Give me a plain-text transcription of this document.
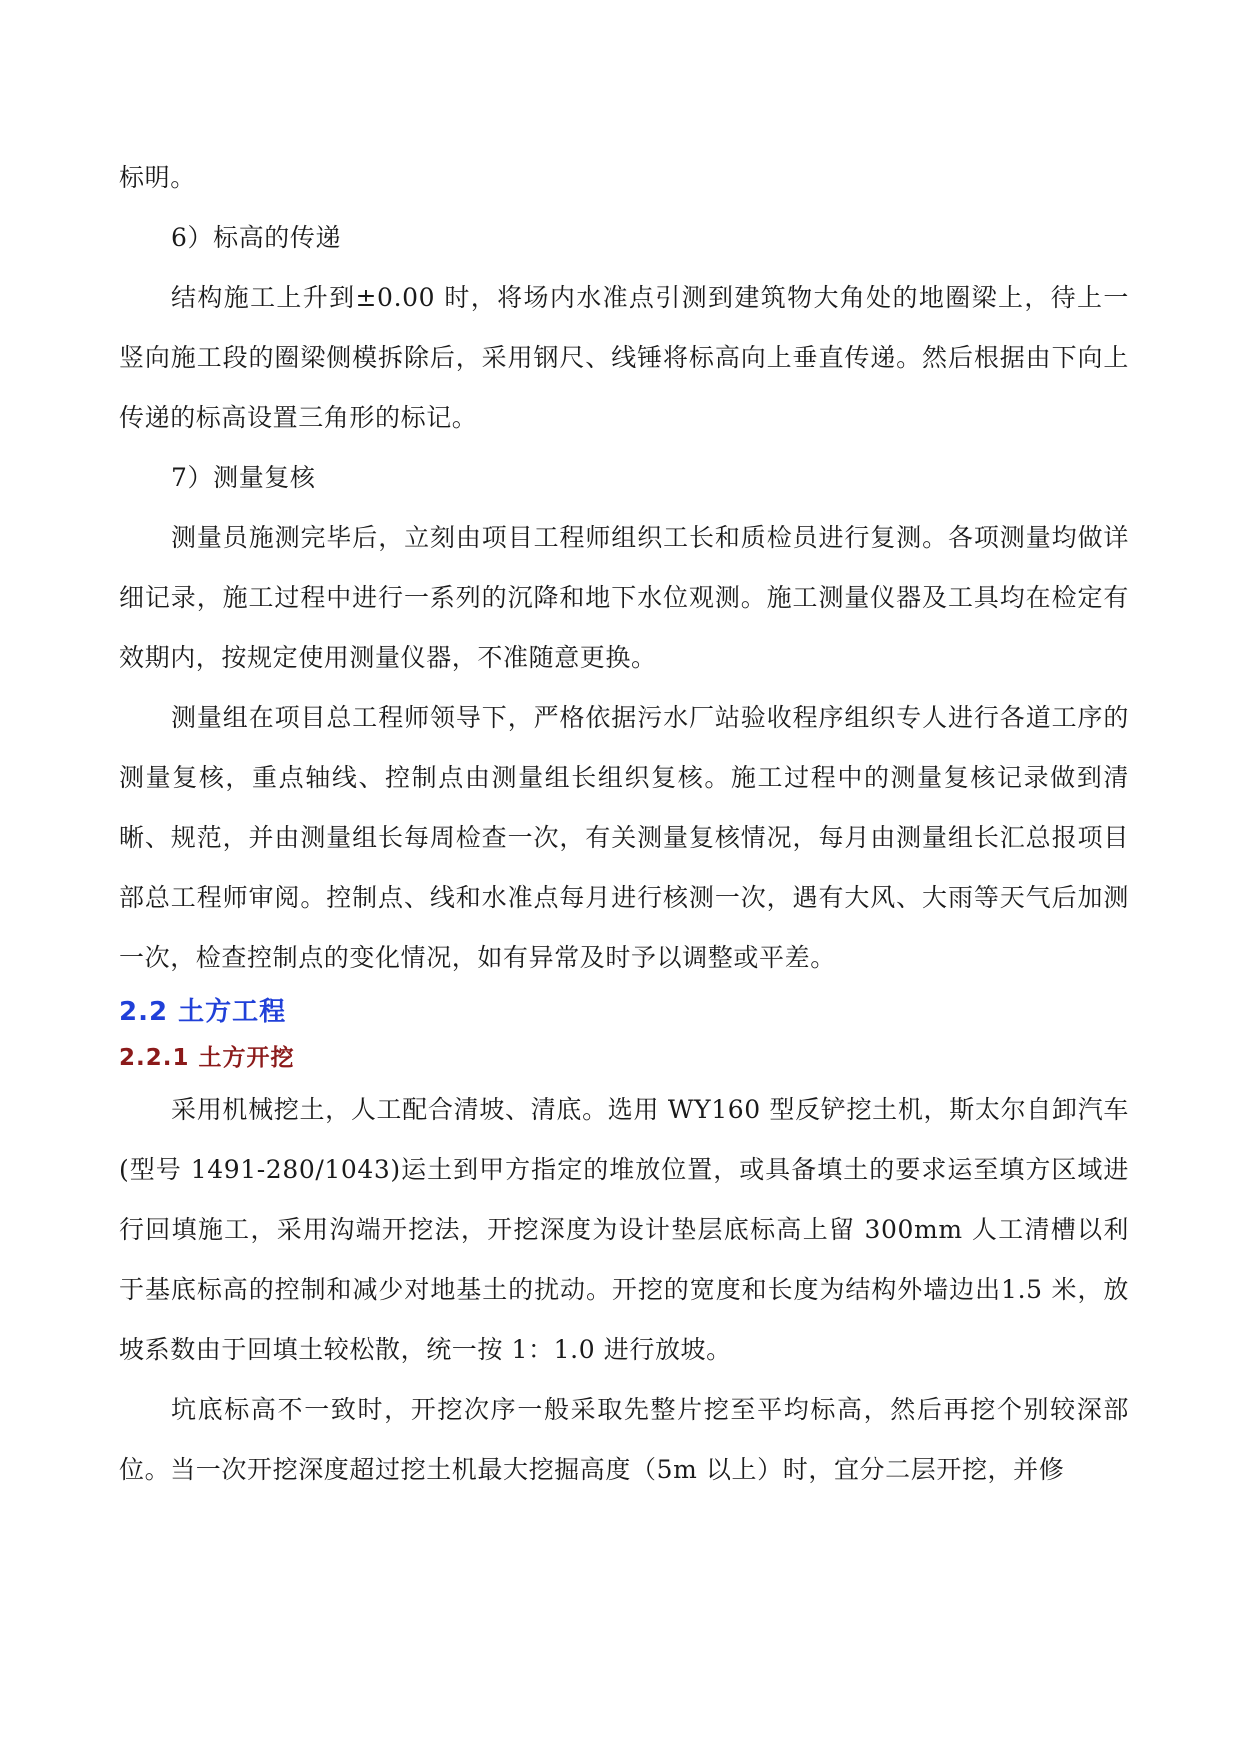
标明。

6）标高的传递

结构施工上升到±0.00 时，将场内水准点引测到建筑物大角处的地圈梁上，待上一竖向施工段的圈梁侧模拆除后，采用钢尺、线锤将标高向上垂直传递。然后根据由下向上传递的标高设置三角形的标记。

7）测量复核

测量员施测完毕后，立刻由项目工程师组织工长和质检员进行复测。各项测量均做详细记录，施工过程中进行一系列的沉降和地下水位观测。施工测量仪器及工具均在检定有效期内，按规定使用测量仪器，不准随意更换。

测量组在项目总工程师领导下，严格依据污水厂站验收程序组织专人进行各道工序的测量复核，重点轴线、控制点由测量组长组织复核。施工过程中的测量复核记录做到清晰、规范，并由测量组长每周检查一次，有关测量复核情况，每月由测量组长汇总报项目部总工程师审阅。控制点、线和水准点每月进行核测一次，遇有大风、大雨等天气后加测一次，检查控制点的变化情况，如有异常及时予以调整或平差。

2.2 土方工程
2.2.1 土方开挖

采用机械挖土，人工配合清坡、清底。选用 WY160 型反铲挖土机，斯太尔自卸汽车(型号 1491-280/1043)运土到甲方指定的堆放位置，或具备填土的要求运至填方区域进行回填施工，采用沟端开挖法，开挖深度为设计垫层底标高上留 300mm 人工清槽以利于基底标高的控制和减少对地基土的扰动。开挖的宽度和长度为结构外墙边出1.5 米，放坡系数由于回填土较松散，统一按 1：1.0 进行放坡。

坑底标高不一致时，开挖次序一般采取先整片挖至平均标高，然后再挖个别较深部位。当一次开挖深度超过挖土机最大挖掘高度（5m 以上）时，宜分二层开挖，并修
